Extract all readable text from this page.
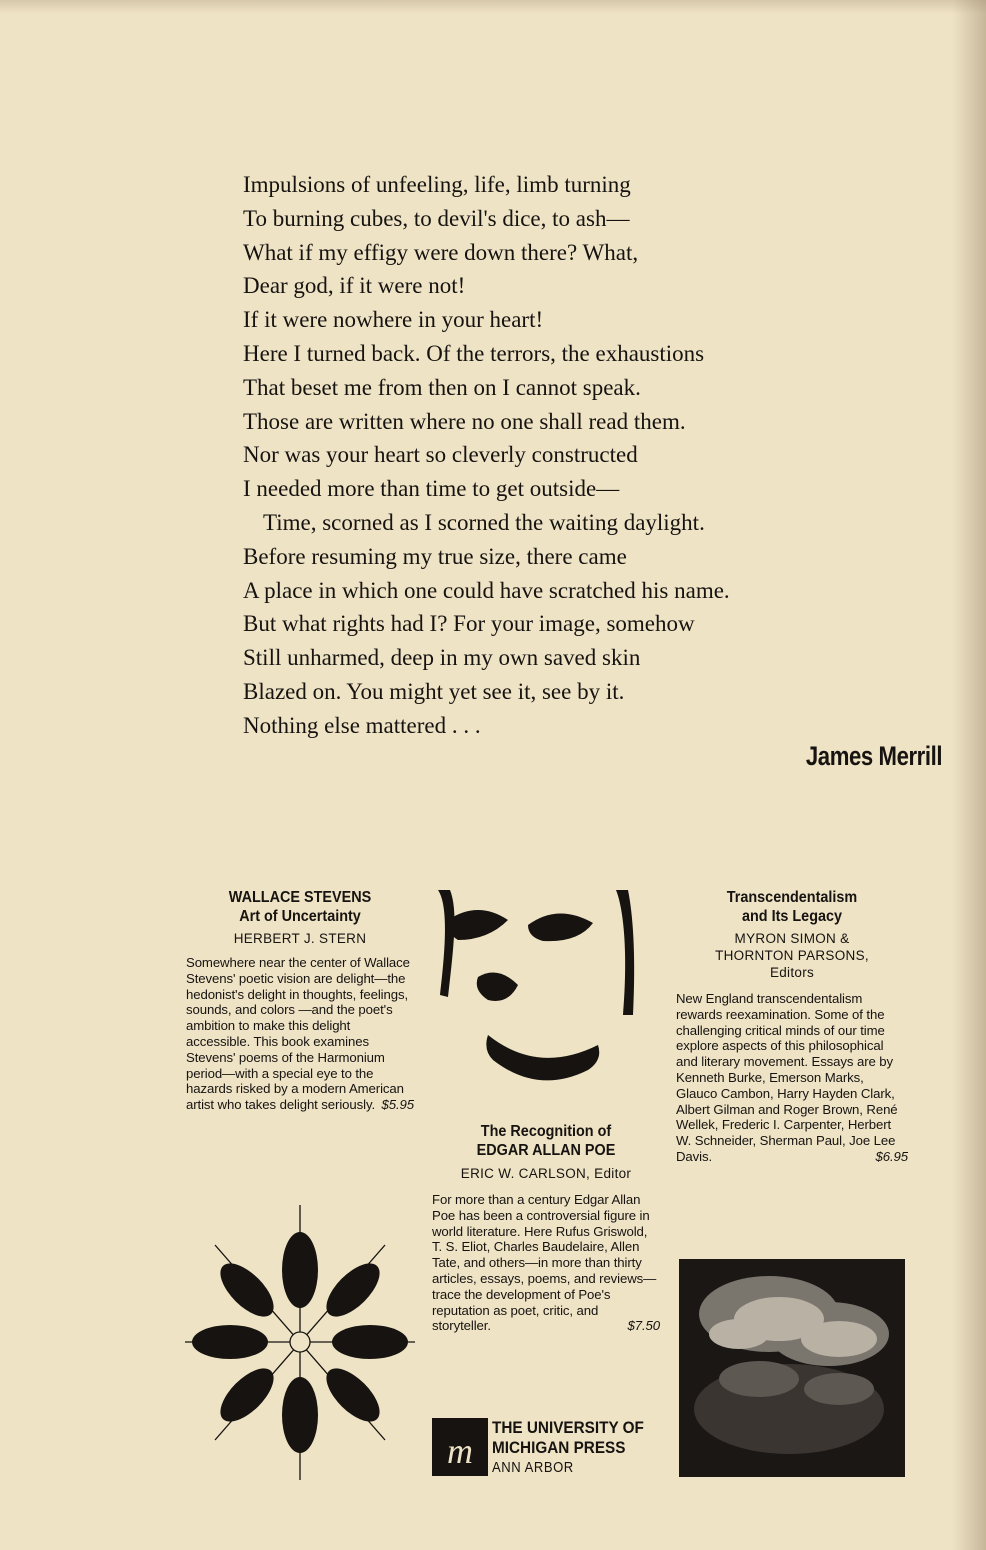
Impulsions of unfeeling, life, limb turning
To burning cubes, to devil's dice, to ash—
What if my effigy were down there? What,
Dear god, if it were not!
If it were nowhere in your heart!
Here I turned back. Of the terrors, the exhaustions
That beset me from then on I cannot speak.
Those are written where no one shall read them.
Nor was your heart so cleverly constructed
I needed more than time to get outside—
Time, scorned as I scorned the waiting daylight.
Before resuming my true size, there came
A place in which one could have scratched his name.
But what rights had I? For your image, somehow
Still unharmed, deep in my own saved skin
Blazed on. You might yet see it, see by it.
Nothing else mattered . . .
James Merrill
WALLACE STEVENS
Art of Uncertainty
HERBERT J. STERN
Somewhere near the center of Wallace Stevens' poetic vision are delight—the hedonist's delight in thoughts, feelings, sounds, and colors —and the poet's ambition to make this delight accessible. This book examines Stevens' poems of the Harmonium period—with a special eye to the hazards risked by a modern American artist who takes delight seriously. $5.95
The Recognition of
EDGAR ALLAN POE
ERIC W. CARLSON, Editor
For more than a century Edgar Allan Poe has been a controversial figure in world literature. Here Rufus Griswold, T. S. Eliot, Charles Baudelaire, Allen Tate, and others—in more than thirty articles, essays, poems, and reviews—trace the development of Poe's reputation as poet, critic, and storyteller.	$7.50
m
THE UNIVERSITY OF
MICHIGAN PRESS
ANN ARBOR
Transcendentalism
and Its Legacy
MYRON SIMON &
THORNTON PARSONS,
Editors
New England transcendentalism rewards reexamination. Some of the challenging critical minds of our time explore aspects of this philosophical and literary movement. Essays are by Kenneth Burke, Emerson Marks, Glauco Cambon, Harry Hayden Clark, Albert Gilman and Roger Brown, René Wellek, Frederic I. Carpenter, Herbert W. Schneider, Sherman Paul, Joe Lee Davis.	$6.95
